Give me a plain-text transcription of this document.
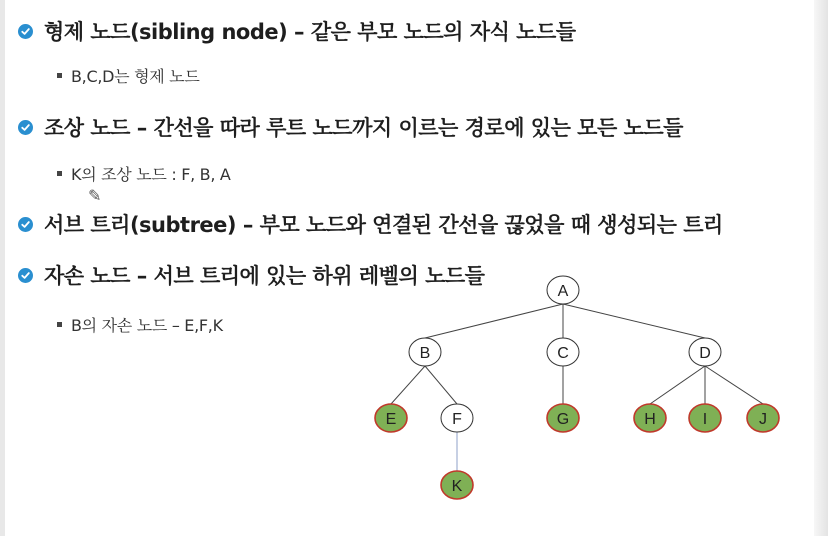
형제 노드(sibling node) – 같은 부모 노드의 자식 노드들
B,C,D는 형제 노드
조상 노드 – 간선을 따라 루트 노드까지 이르는 경로에 있는 모든 노드들
K의 조상 노드 : F, B, A
서브 트리(subtree) – 부모 노드와 연결된 간선을 끊었을 때 생성되는 트리
자손 노드 – 서브 트리에 있는 하위 레벨의 노드들
B의 자손 노드 – E,F,K
✎
A
B	C	D
E	F	G	H	I	J
K
